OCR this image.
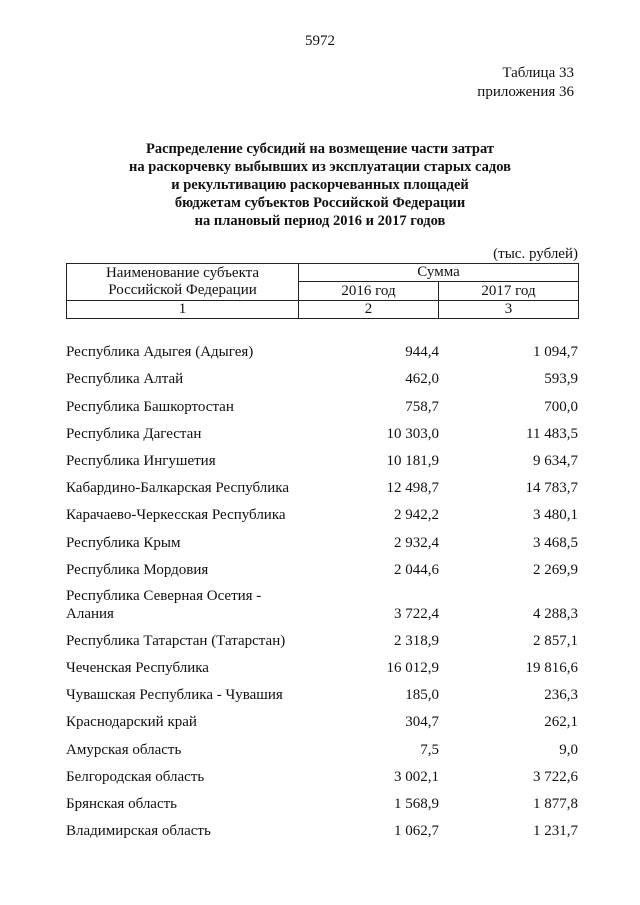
5972
Таблица 33
приложения 36
Распределение субсидий на возмещение части затрат
на раскорчевку выбывших из эксплуатации старых садов
и рекультивацию раскорчеванных площадей
бюджетам субъектов Российской Федерации
на плановый период 2016 и 2017 годов
(тыс. рублей)
Наименование субъекта
Российской Федерации	Сумма	
	2016 год	2017 год
1	2	3
Республика Адыгея (Адыгея)	944,4	1 094,7
Республика Алтай	462,0	593,9
Республика Башкортостан	758,7	700,0
Республика Дагестан	10 303,0	11 483,5
Республика Ингушетия	10 181,9	9 634,7
Кабардино-Балкарская Республика	12 498,7	14 783,7
Карачаево-Черкесская Республика	2 942,2	3 480,1
Республика Крым	2 932,4	3 468,5
Республика Мордовия	2 044,6	2 269,9
Республика Северная Осетия -
Алания	3 722,4	4 288,3
Республика Татарстан (Татарстан)	2 318,9	2 857,1
Чеченская Республика	16 012,9	19 816,6
Чувашская Республика - Чувашия	185,0	236,3
Краснодарский край	304,7	262,1
Амурская область	7,5	9,0
Белгородская область	3 002,1	3 722,6
Брянская область	1 568,9	1 877,8
Владимирская область	1 062,7	1 231,7
